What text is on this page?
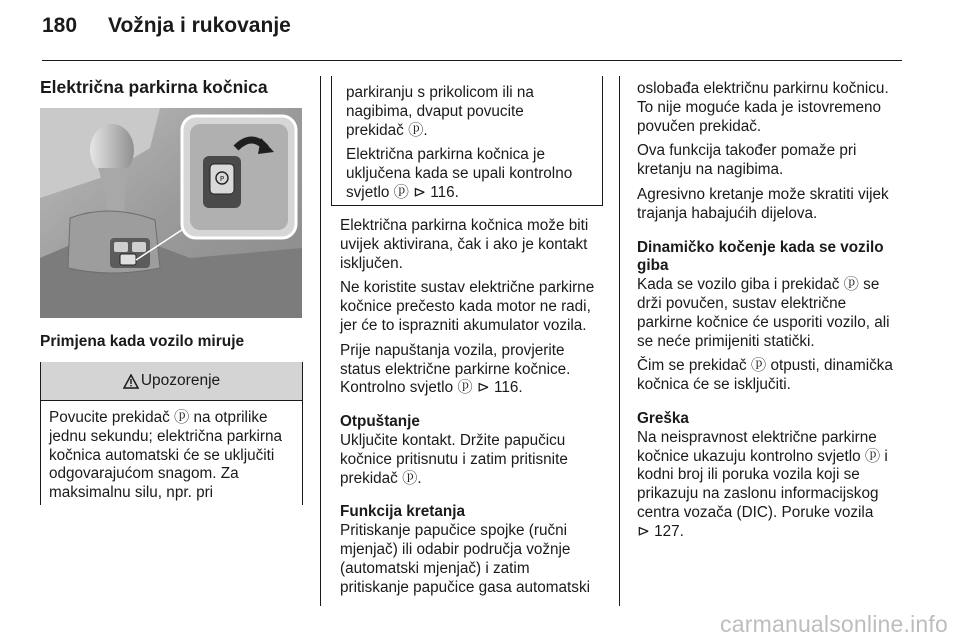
180 Vožnja i rukovanje
Električna parkirna kočnica
P
Primjena kada vozilo miruje
Upozorenje

Povucite prekidač ⓟ na otprilike

jednu sekundu; električna parkirna

kočnica automatski će se uključiti

odgovarajućom snagom. Za

maksimalnu silu, npr. pri

parkiranju s prikolicom ili na

nagibima, dvaput povucite

prekidač ⓟ.

Električna parkirna kočnica je

uključena kada se upali kontrolno

svjetlo ⓟ ⊳ 116.

Električna parkirna kočnica može biti

uvijek aktivirana, čak i ako je kontakt

isključen.

Ne koristite sustav električne parkirne

kočnice prečesto kada motor ne radi,

jer će to isprazniti akumulator vozila.

Prije napuštanja vozila, provjerite

status električne parkirne kočnice.

Kontrolno svjetlo ⓟ ⊳ 116.

Otpuštanje

Uključite kontakt. Držite papučicu

kočnice pritisnutu i zatim pritisnite

prekidač ⓟ.

Funkcija kretanja

Pritiskanje papučice spojke (ručni

mjenjač) ili odabir područja vožnje

(automatski mjenjač) i zatim

pritiskanje papučice gasa automatski

oslobađa električnu parkirnu kočnicu.

To nije moguće kada je istovremeno

povučen prekidač.

Ova funkcija također pomaže pri

kretanju na nagibima.

Agresivno kretanje može skratiti vijek

trajanja habajućih dijelova.

Dinamičko kočenje kada se vozilo

giba

Kada se vozilo giba i prekidač ⓟ se

drži povučen, sustav električne

parkirne kočnice će usporiti vozilo, ali

se neće primijeniti statički.

Čim se prekidač ⓟ otpusti, dinamička

kočnica će se isključiti.

Greška

Na neispravnost električne parkirne

kočnice ukazuju kontrolno svjetlo ⓟ i

kodni broj ili poruka vozila koji se

prikazuju na zaslonu informacijskog

centra vozača (DIC). Poruke vozila

⊳ 127.

carmanualsonline.info
